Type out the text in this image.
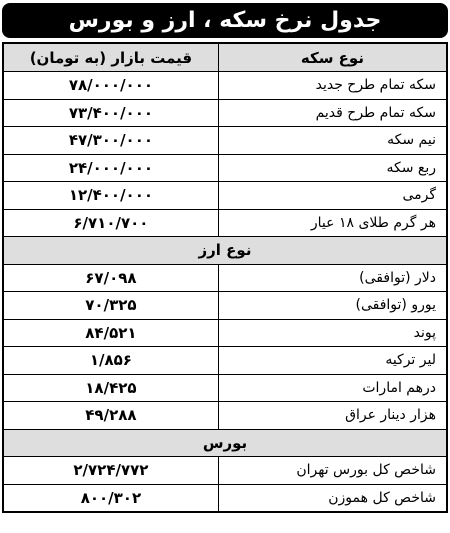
جدول نرخ سکه ، ارز و بورس
نوع سکه	قیمت بازار (به تومان)
سکه تمام طرح جدید	۷۸/۰۰۰/۰۰۰
سکه تمام طرح قدیم	۷۳/۴۰۰/۰۰۰
نیم سکه	۴۷/۳۰۰/۰۰۰
ربع سکه	۲۴/۰۰۰/۰۰۰
گرمی	۱۲/۴۰۰/۰۰۰
هر گرم طلای ۱۸ عیار	۶/۷۱۰/۷۰۰
نوع ارز	
دلار (توافقی)	۶۷/۰۹۸
یورو (توافقی)	۷۰/۳۲۵
پوند	۸۴/۵۲۱
لیر ترکیه	۱/۸۵۶
درهم امارات	۱۸/۴۲۵
هزار دینار عراق	۴۹/۲۸۸
بورس	
شاخص کل بورس تهران	۲/۷۲۴/۷۷۲
شاخص کل هموزن	۸۰۰/۳۰۲
